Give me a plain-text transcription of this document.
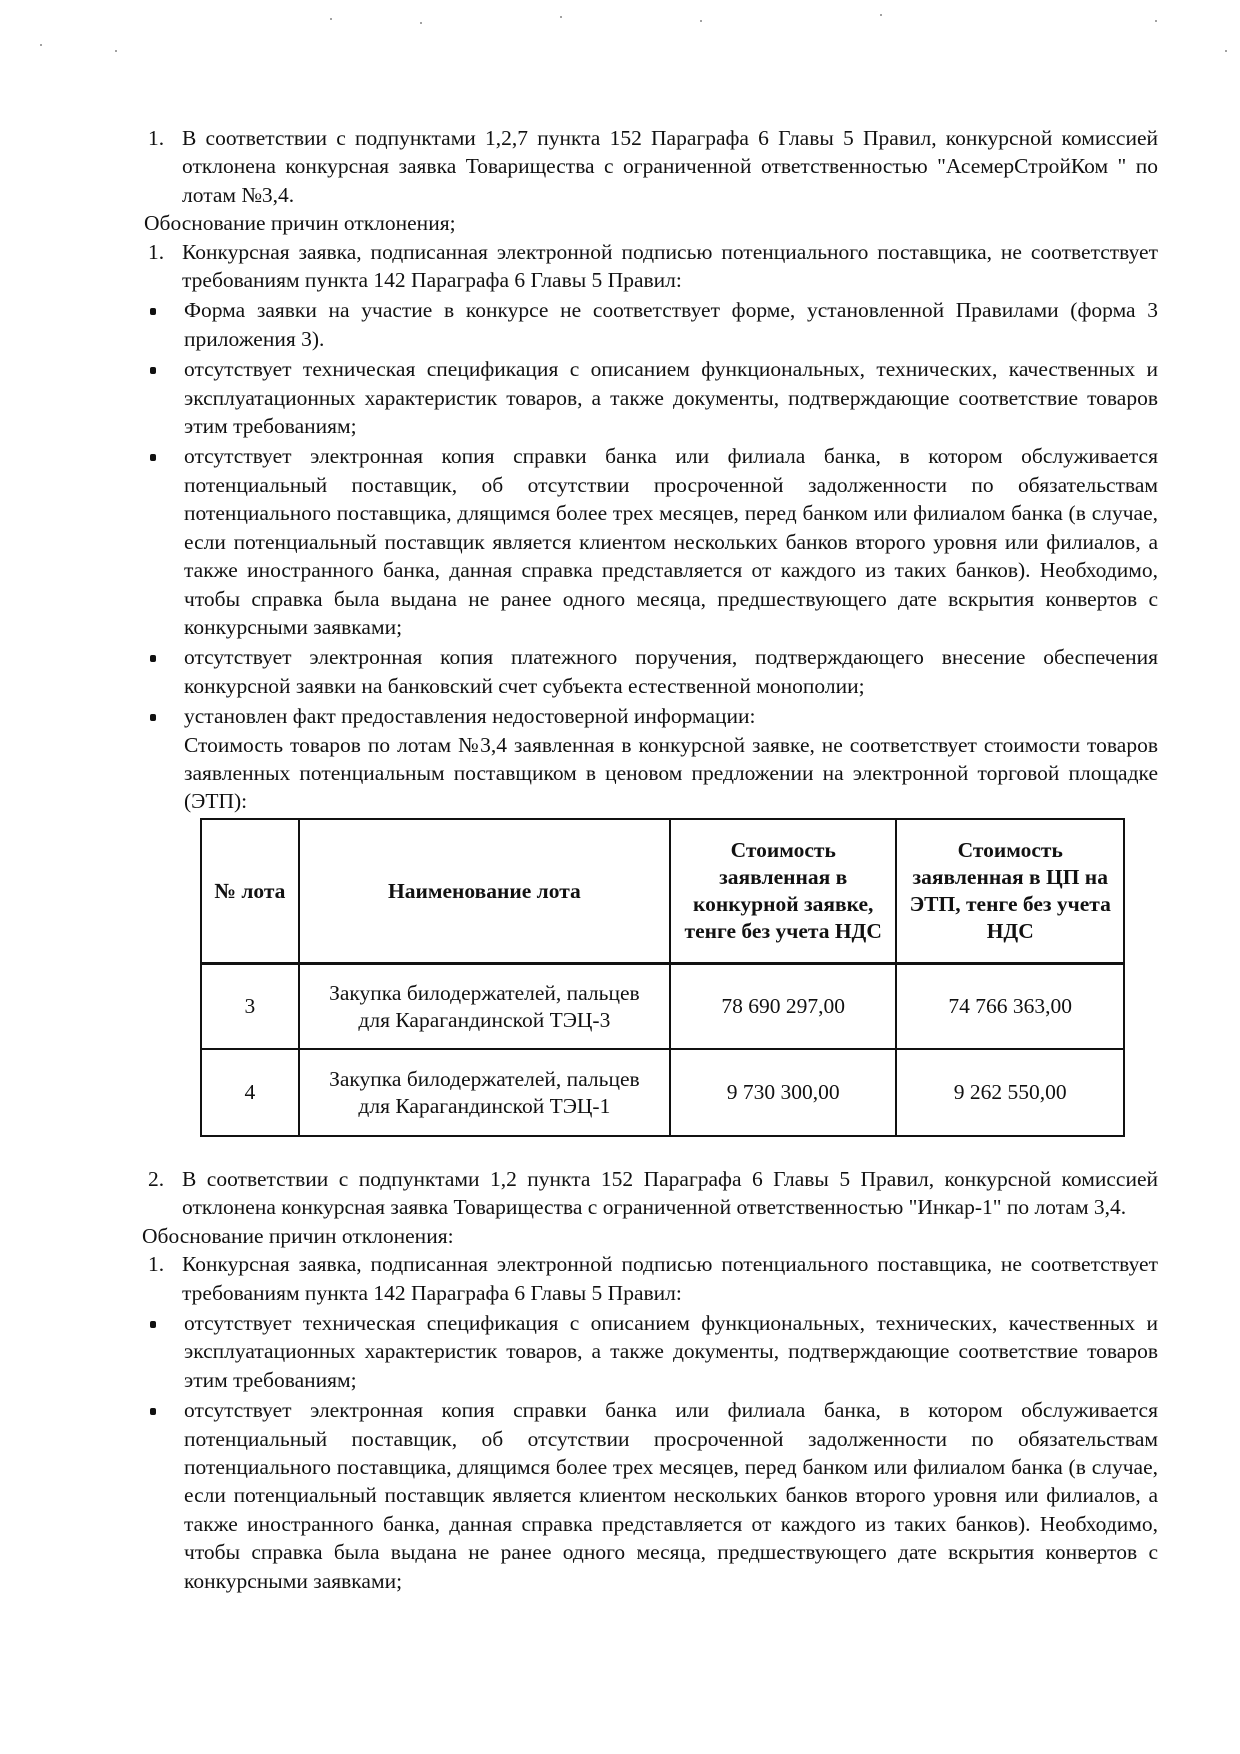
1. В соответствии с подпунктами 1,2,7 пункта 152 Параграфа 6 Главы 5 Правил, конкурсной комиссией отклонена конкурсная заявка Товарищества с ограниченной ответственностью "АсемерСтройКом " по лотам №3,4.
Обоснование причин отклонения;
1. Конкурсная заявка, подписанная электронной подписью потенциального поставщика, не соответствует требованиям пункта 142 Параграфа 6 Главы 5 Правил:
Форма заявки на участие в конкурсе не соответствует форме, установленной Правилами (форма 3 приложения 3).
отсутствует техническая спецификация с описанием функциональных, технических, качественных и эксплуатационных характеристик товаров, а также документы, подтверждающие соответствие товаров этим требованиям;
отсутствует электронная копия справки банка или филиала банка, в котором обслуживается потенциальный поставщик, об отсутствии просроченной задолженности по обязательствам потенциального поставщика, длящимся более трех месяцев, перед банком или филиалом банка (в случае, если потенциальный поставщик является клиентом нескольких банков второго уровня или филиалов, а также иностранного банка, данная справка представляется от каждого из таких банков). Необходимо, чтобы справка была выдана не ранее одного месяца, предшествующего дате вскрытия конвертов с конкурсными заявками;
отсутствует электронная копия платежного поручения, подтверждающего внесение обеспечения конкурсной заявки на банковский счет субъекта естественной монополии;
установлен факт предоставления недостоверной информации:
Стоимость товаров по лотам №3,4 заявленная в конкурсной заявке, не соответствует стоимости товаров заявленных потенциальным поставщиком в ценовом предложении на электронной торговой площадке (ЭТП):
№ лота	Наименование лота	Стоимость заявленная в конкурной заявке, тенге без учета НДС	Стоимость заявленная в ЦП на ЭТП, тенге без учета НДС
3	Закупка билодержателей, пальцев для Карагандинской ТЭЦ-3	78 690 297,00	74 766 363,00
4	Закупка билодержателей, пальцев для Карагандинской ТЭЦ-1	9 730 300,00	9 262 550,00
2. В соответствии с подпунктами 1,2 пункта 152 Параграфа 6 Главы 5 Правил, конкурсной комиссией отклонена конкурсная заявка Товарищества с ограниченной ответственностью "Инкар-1" по лотам 3,4.
Обоснование причин отклонения:
1. Конкурсная заявка, подписанная электронной подписью потенциального поставщика, не соответствует требованиям пункта 142 Параграфа 6 Главы 5 Правил:
отсутствует техническая спецификация с описанием функциональных, технических, качественных и эксплуатационных характеристик товаров, а также документы, подтверждающие соответствие товаров этим требованиям;
отсутствует электронная копия справки банка или филиала банка, в котором обслуживается потенциальный поставщик, об отсутствии просроченной задолженности по обязательствам потенциального поставщика, длящимся более трех месяцев, перед банком или филиалом банка (в случае, если потенциальный поставщик является клиентом нескольких банков второго уровня или филиалов, а также иностранного банка, данная справка представляется от каждого из таких банков). Необходимо, чтобы справка была выдана не ранее одного месяца, предшествующего дате вскрытия конвертов с конкурсными заявками;
